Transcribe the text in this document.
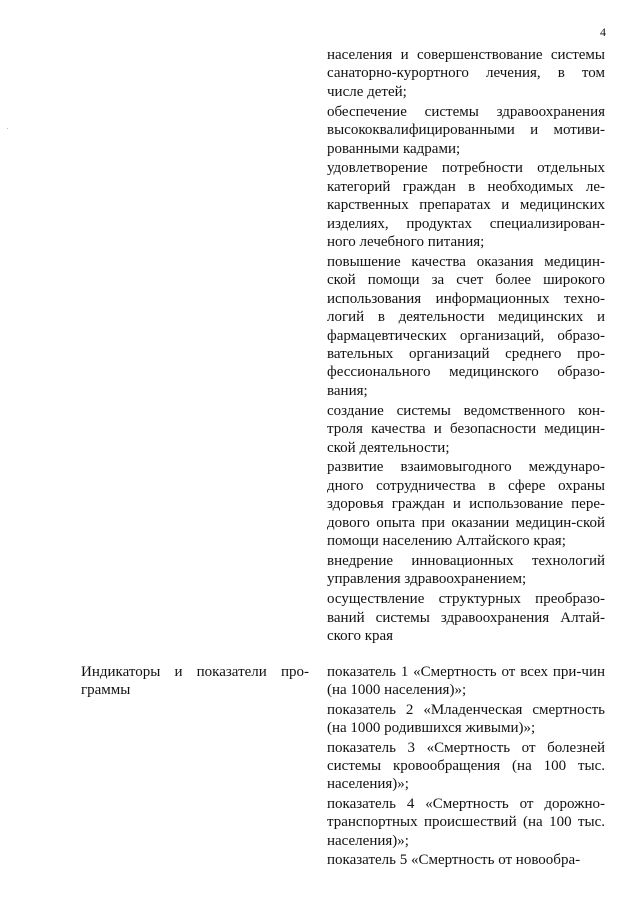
4

населения и совершенствование системы санаторно-курортного лечения, в том числе детей;

обеспечение системы здравоохранения высококвалифицированными и мотиви-рованными кадрами;

удовлетворение потребности отдельных категорий граждан в необходимых ле-карственных препаратах и медицинских изделиях, продуктах специализирован-ного лечебного питания;

повышение качества оказания медицин-ской помощи за счет более широкого использования информационных техно-логий в деятельности медицинских и фармацевтических организаций, образо-вательных организаций среднего про-фессионального медицинского образо-вания;

создание системы ведомственного кон-троля качества и безопасности медицин-ской деятельности;

развитие взаимовыгодного междунаро-дного сотрудничества в сфере охраны здоровья граждан и использование пере-дового опыта при оказании медицин-ской помощи населению Алтайского края;

внедрение инновационных технологий управления здравоохранением;

осуществление структурных преобразо-ваний системы здравоохранения Алтай-ского края

Индикаторы и показатели про-граммы

показатель 1 «Смертность от всех при-чин (на 1000 населения)»;

показатель 2 «Младенческая смертность (на 1000 родившихся живыми)»;

показатель 3 «Смертность от болезней системы кровообращения (на 100 тыс. населения)»;

показатель 4 «Смертность от дорожно-транспортных происшествий (на 100 тыс. населения)»;

показатель 5 «Смертность от новообра-
